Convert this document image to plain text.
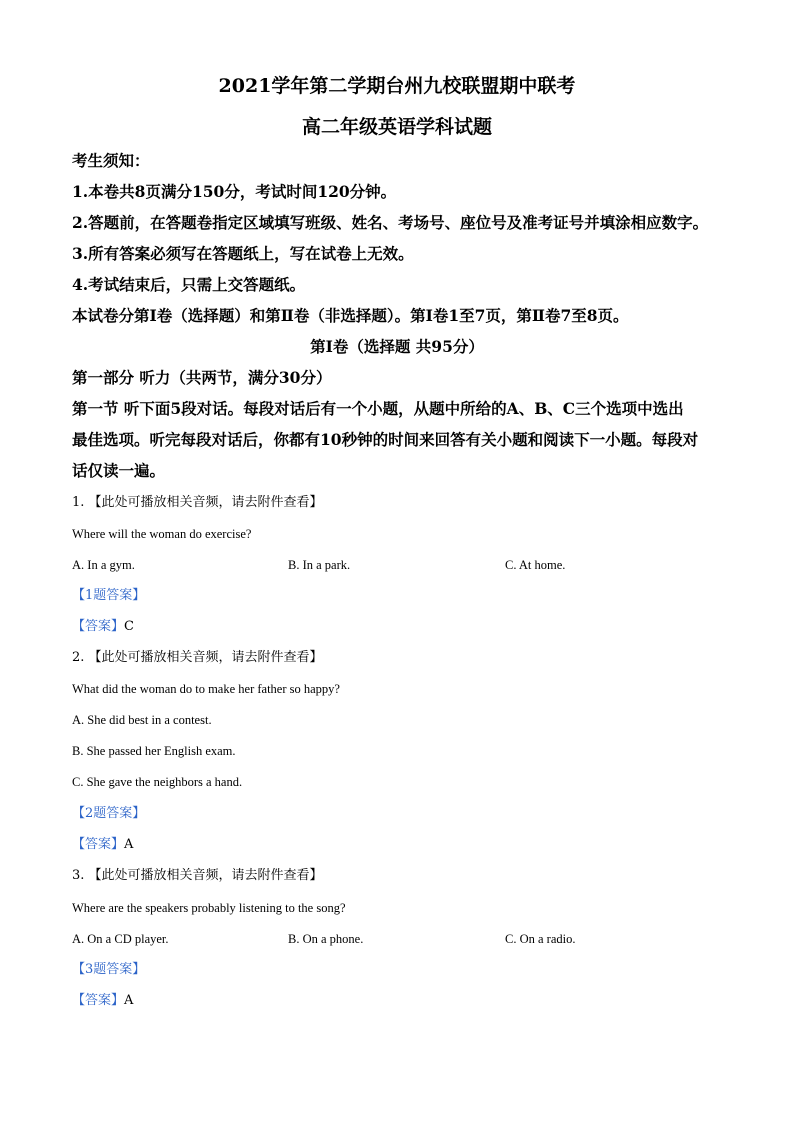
2021学年第二学期台州九校联盟期中联考
高二年级英语学科试题
考生须知：
1.本卷共8页满分150分，考试时间120分钟。
2.答题前，在答题卷指定区域填写班级、姓名、考场号、座位号及准考证号并填涂相应数字。
3.所有答案必须写在答题纸上，写在试卷上无效。
4.考试结束后，只需上交答题纸。
本试卷分第Ⅰ卷（选择题）和第Ⅱ卷（非选择题）。第Ⅰ卷1至7页，第Ⅱ卷7至8页。
第Ⅰ卷（选择题 共95分）
第一部分 听力（共两节，满分30分）
第一节 听下面5段对话。每段对话后有一个小题，从题中所给的A、B、C三个选项中选出
最佳选项。听完每段对话后，你都有10秒钟的时间来回答有关小题和阅读下一小题。每段对
话仅读一遍。
1. 【此处可播放相关音频，请去附件查看】
Where will the woman do exercise?
A. In a gym.	B. In a park.	C. At home.
【1题答案】
【答案】C
2. 【此处可播放相关音频，请去附件查看】
What did the woman do to make her father so happy?
A. She did best in a contest.
B. She passed her English exam.
C. She gave the neighbors a hand.
【2题答案】
【答案】A
3. 【此处可播放相关音频，请去附件查看】
Where are the speakers probably listening to the song?
A. On a CD player.	B. On a phone.	C. On a radio.
【3题答案】
【答案】A
